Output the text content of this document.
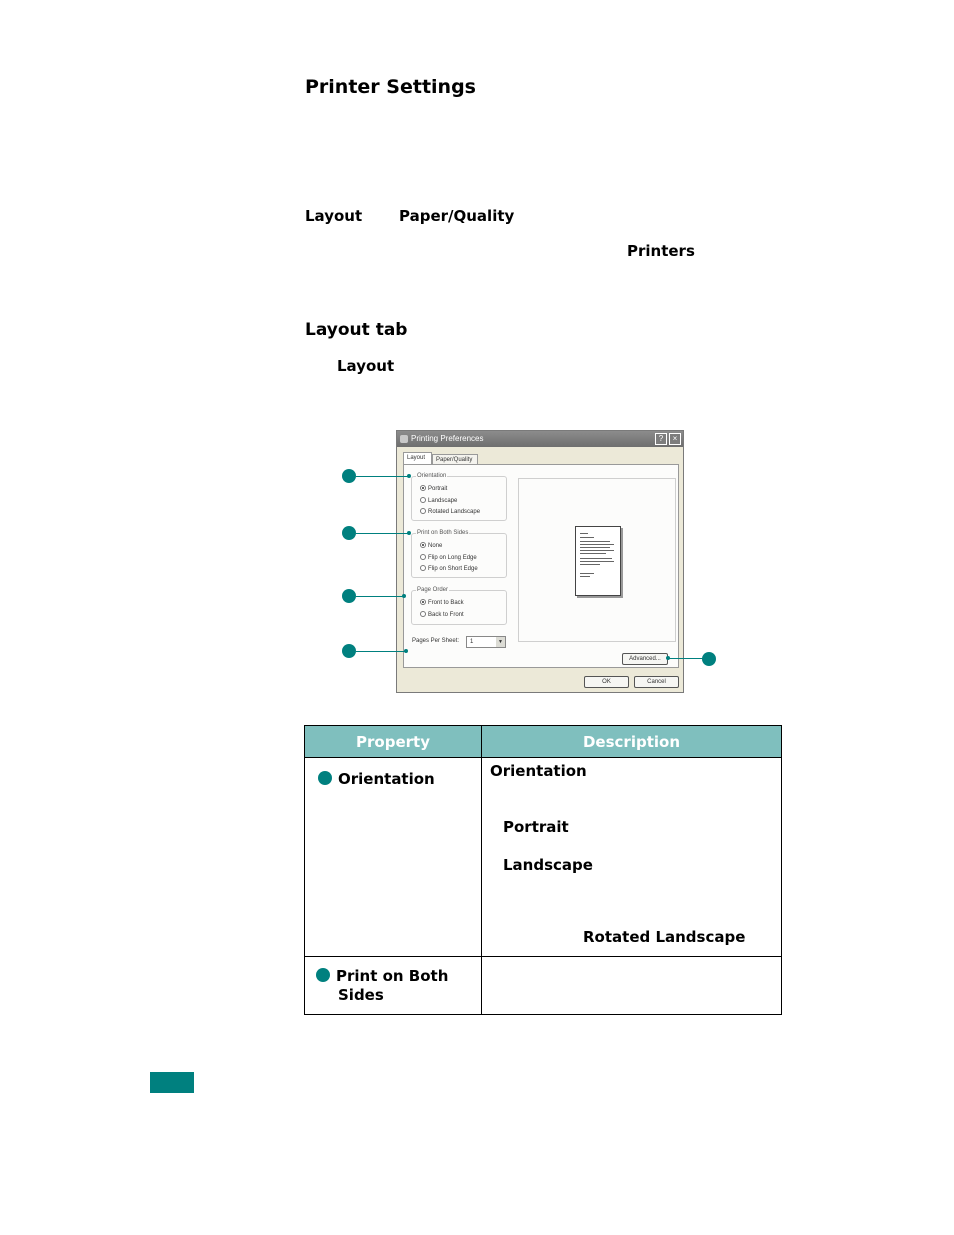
Printer Settings
Layout Paper/Quality
Printers
Layout tab
Layout
Printing Preferences	?	×
Layout	Paper/Quality
Orientation
Portrait
Landscape
Rotated Landscape
Print on Both Sides
None
Flip on Long Edge
Flip on Short Edge
Page Order
Front to Back
Back to Front
Pages Per Sheet:	1	▼
Advanced...
OK	Cancel
Property	Description

Orientation	Orientation
Portrait
Landscape
Rotated Landscape

Print on Both
Sides	
